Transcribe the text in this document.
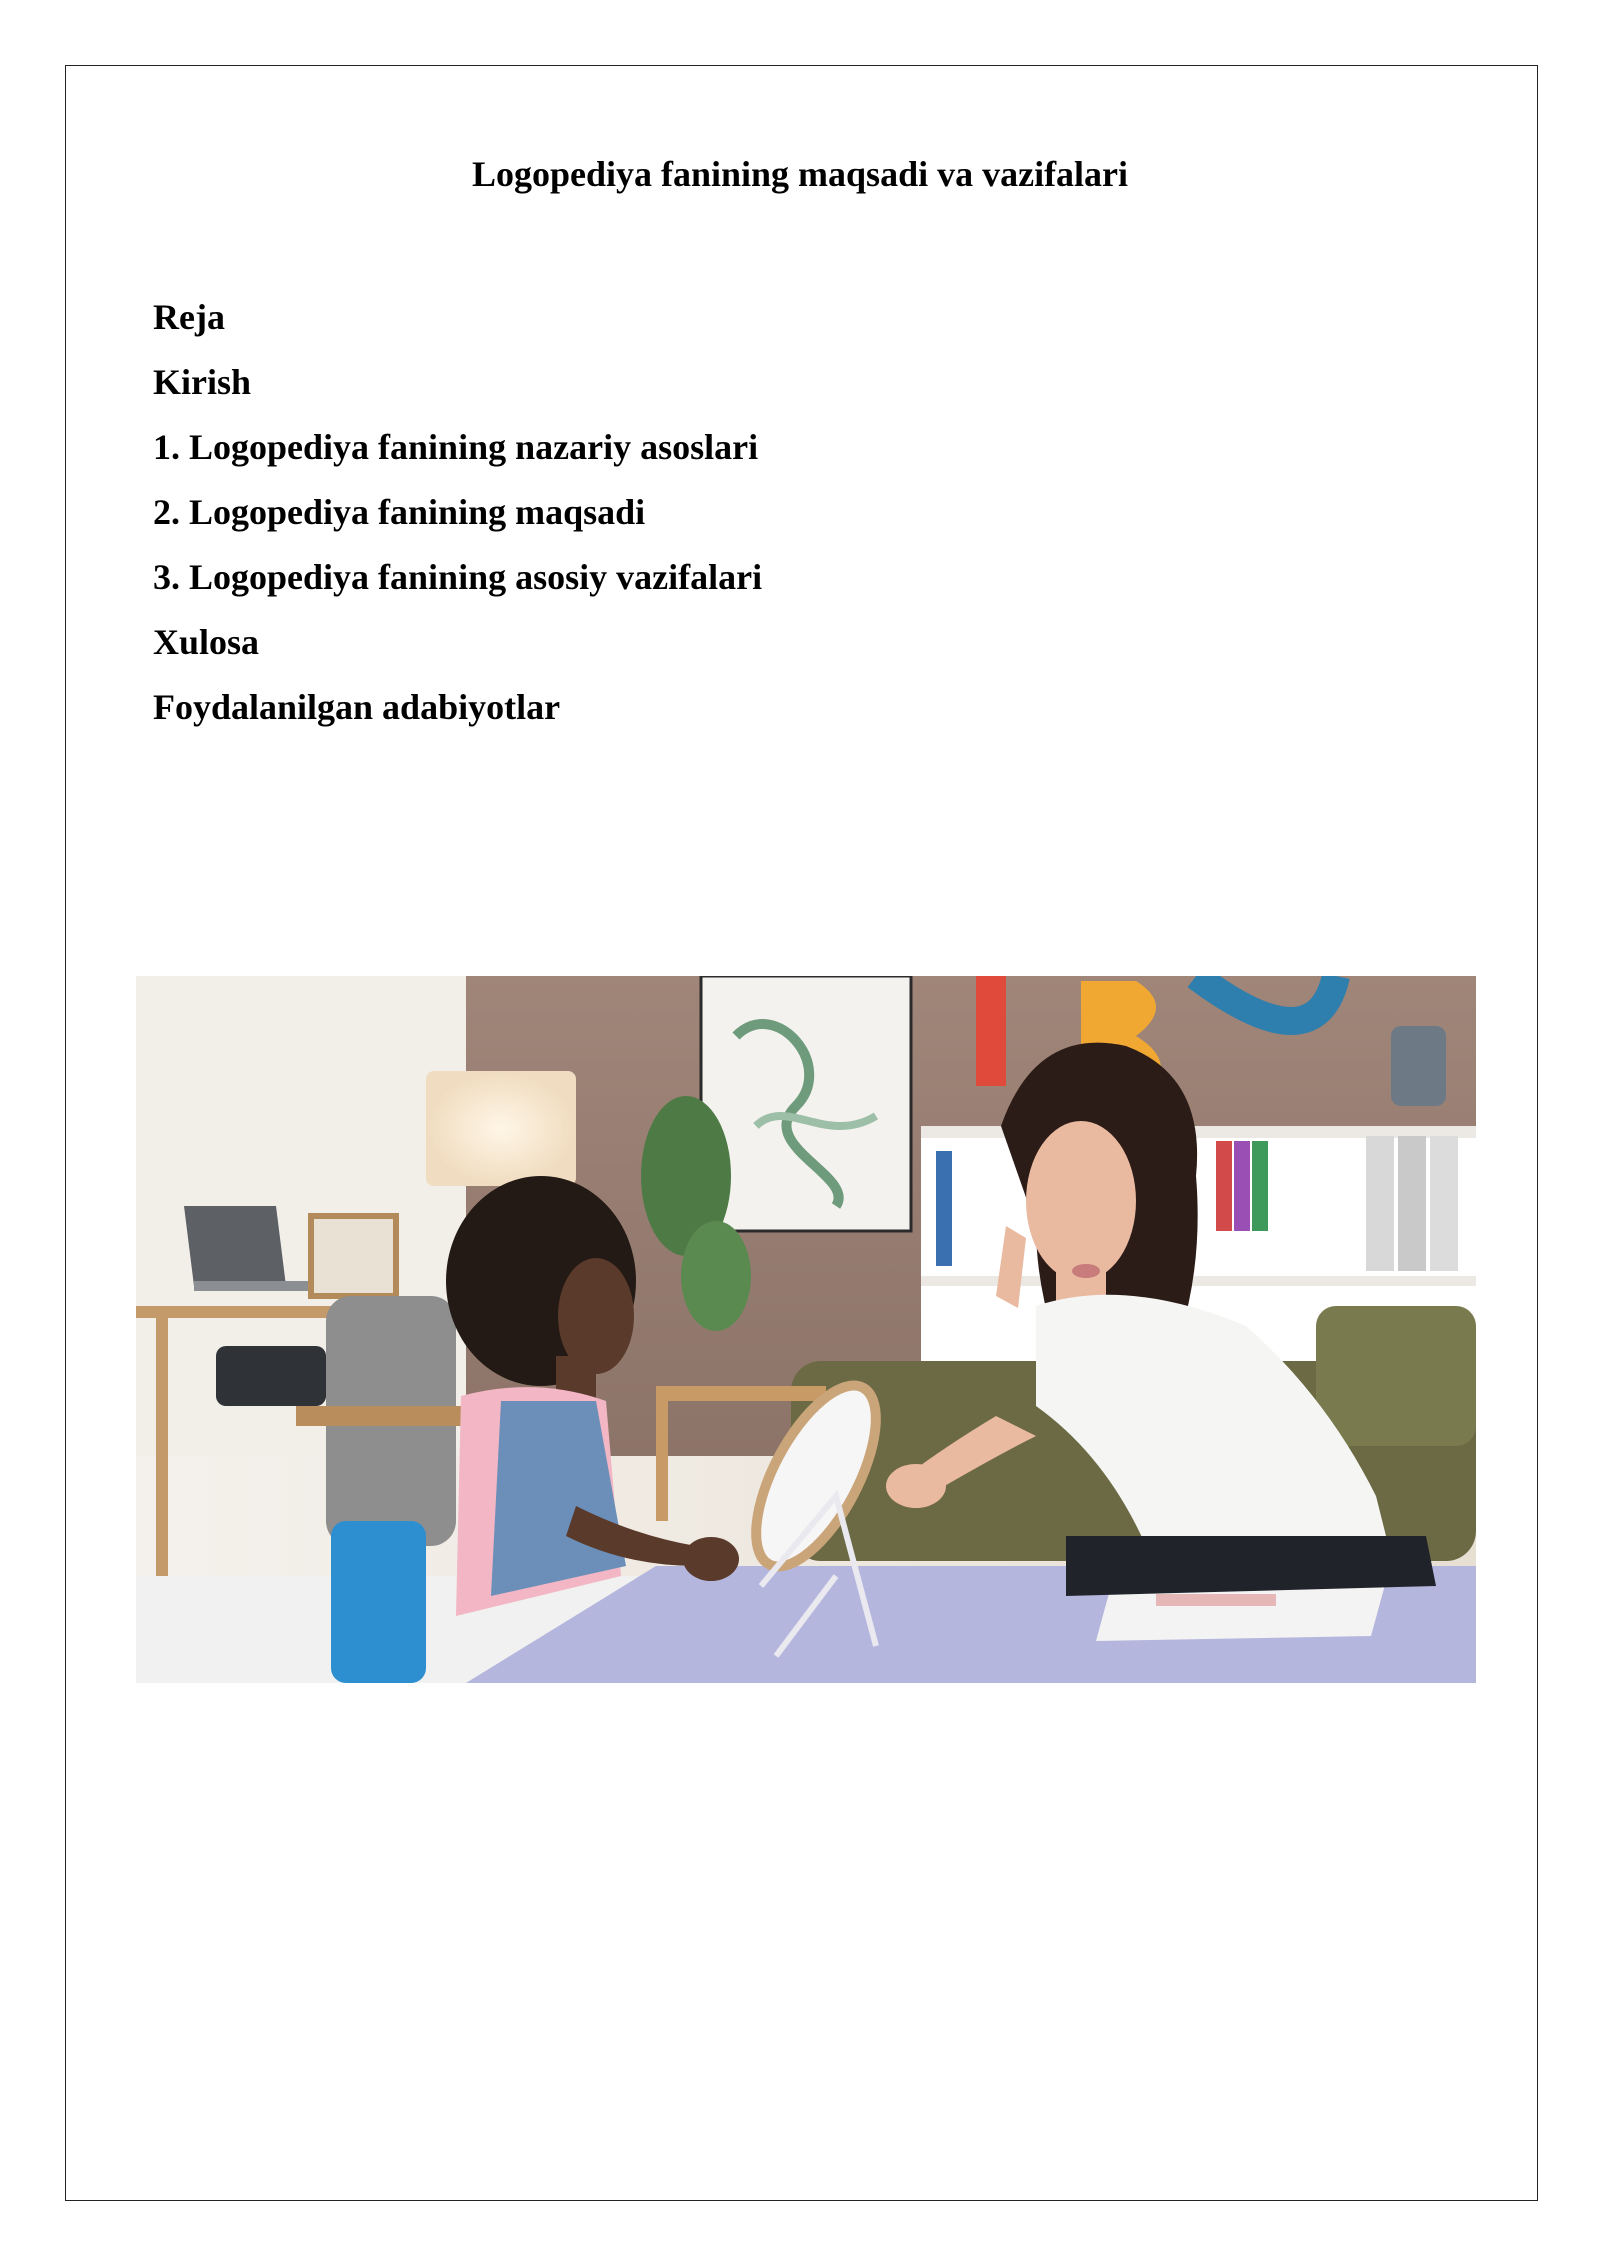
Logopediya fanining maqsadi va vazifalari
Reja
Kirish
1. Logopediya fanining nazariy asoslari
2. Logopediya fanining maqsadi
3. Logopediya fanining asosiy vazifalari
Xulosa
Foydalanilgan adabiyotlar
